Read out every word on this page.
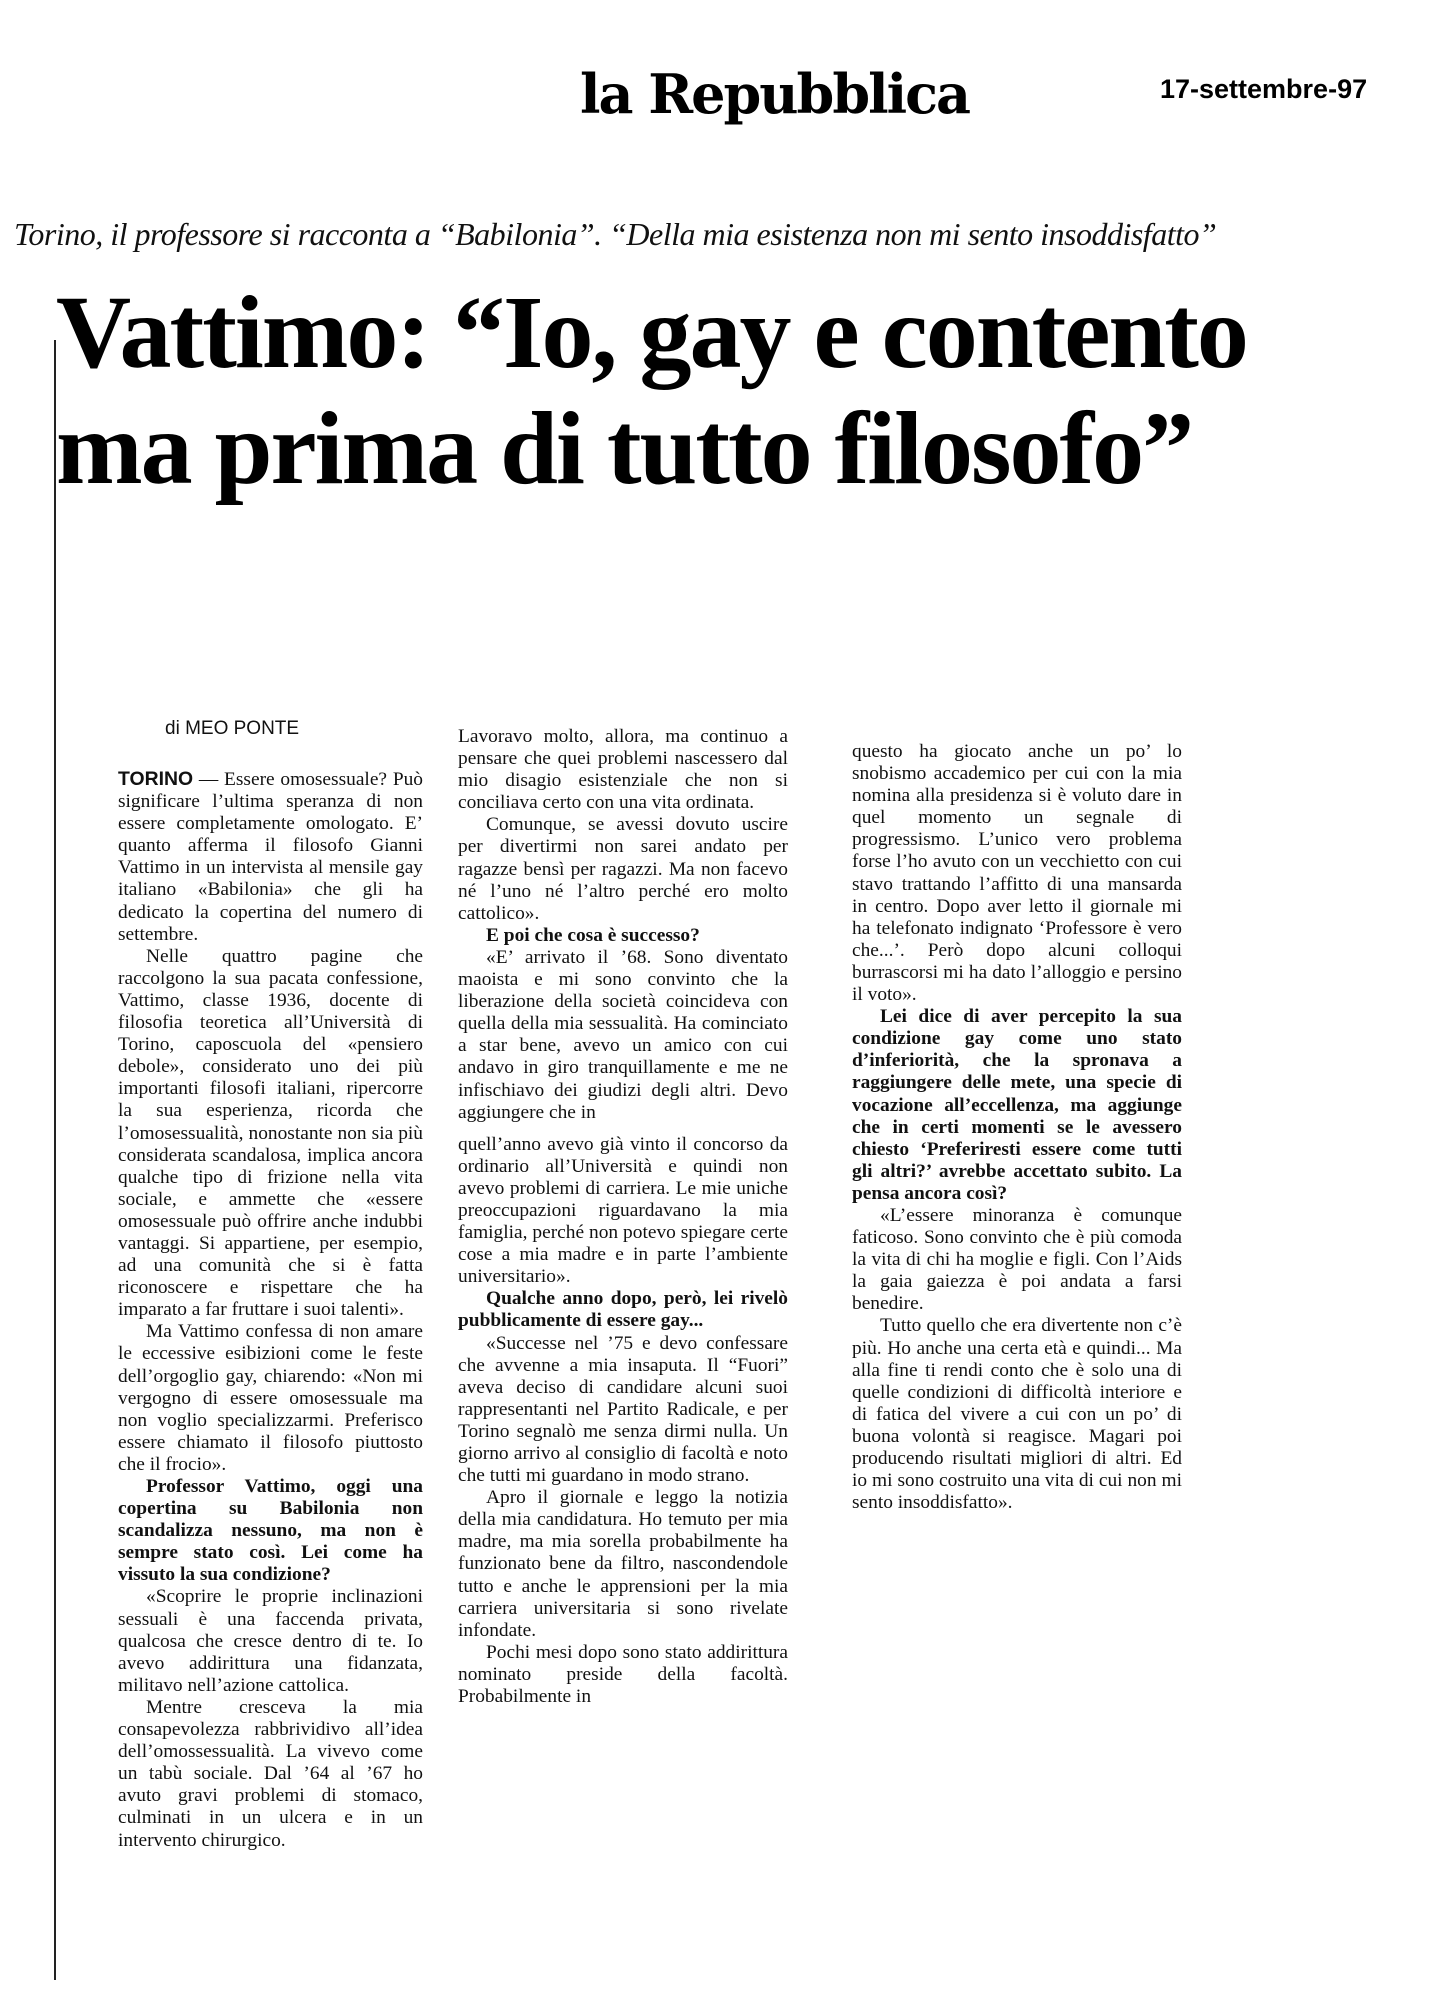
la Repubblica	17-settembre-97
Torino, il professore si racconta a “Babilonia”. “Della mia esistenza non mi sento insoddisfatto”
Vattimo: “Io, gay e contento
ma prima di tutto filosofo”
di MEO PONTE

TORINO — Essere omosessuale? Può significare l’ultima speranza di non essere completamente omologato. E’ quanto afferma il filosofo Gianni Vattimo in un intervista al mensile gay italiano «Babilonia» che gli ha dedicato la copertina del numero di settembre.

Nelle quattro pagine che raccolgono la sua pacata confessione, Vattimo, classe 1936, docente di filosofia teoretica all’Università di Torino, caposcuola del «pensiero debole», considerato uno dei più importanti filosofi italiani, ripercorre la sua esperienza, ricorda che l’omosessualità, nonostante non sia più considerata scandalosa, implica ancora qualche tipo di frizione nella vita sociale, e ammette che «essere omosessuale può offrire anche indubbi vantaggi. Si appartiene, per esempio, ad una comunità che si è fatta riconoscere e rispettare che ha imparato a far fruttare i suoi talenti».

Ma Vattimo confessa di non amare le eccessive esibizioni come le feste dell’orgoglio gay, chiarendo: «Non mi vergogno di essere omosessuale ma non voglio specializzarmi. Preferisco essere chiamato il filosofo piuttosto che il frocio».

Professor Vattimo, oggi una copertina su Babilonia non scandalizza nessuno, ma non è sempre stato così. Lei come ha vissuto la sua condizione?

«Scoprire le proprie inclinazioni sessuali è una faccenda privata, qualcosa che cresce dentro di te. Io avevo addirittura una fidanzata, militavo nell’azione cattolica.

Mentre cresceva la mia consapevolezza rabbrividivo all’idea dell’omossessualità. La vivevo come un tabù sociale. Dal ’64 al ’67 ho avuto gravi problemi di stomaco, culminati in un ulcera e in un intervento chirurgico.

Lavoravo molto, allora, ma continuo a pensare che quei problemi nascessero dal mio disagio esistenziale che non si conciliava certo con una vita ordinata.

Comunque, se avessi dovuto uscire per divertirmi non sarei andato per ragazze bensì per ragazzi. Ma non facevo né l’uno né l’altro perché ero molto cattolico».

E poi che cosa è successo?

«E’ arrivato il ’68. Sono diventato maoista e mi sono convinto che la liberazione della società coincideva con quella della mia sessualità. Ha cominciato a star bene, avevo un amico con cui andavo in giro tranquillamente e me ne infischiavo dei giudizi degli altri. Devo aggiungere che in

quell’anno avevo già vinto il concorso da ordinario all’Università e quindi non avevo problemi di carriera. Le mie uniche preoccupazioni riguardavano la mia famiglia, perché non potevo spiegare certe cose a mia madre e in parte l’ambiente universitario».

Qualche anno dopo, però, lei rivelò pubblicamente di essere gay...

«Successe nel ’75 e devo confessare che avvenne a mia insaputa. Il “Fuori” aveva deciso di candidare alcuni suoi rappresentanti nel Partito Radicale, e per Torino segnalò me senza dirmi nulla. Un giorno arrivo al consiglio di facoltà e noto che tutti mi guardano in modo strano.

Apro il giornale e leggo la notizia della mia candidatura. Ho temuto per mia madre, ma mia sorella probabilmente ha funzionato bene da filtro, nascondendole tutto e anche le apprensioni per la mia carriera universitaria si sono rivelate infondate.

Pochi mesi dopo sono stato addirittura nominato preside della facoltà. Probabilmente in

questo ha giocato anche un po’ lo snobismo accademico per cui con la mia nomina alla presidenza si è voluto dare in quel momento un segnale di progressismo. L’unico vero problema forse l’ho avuto con un vecchietto con cui stavo trattando l’affitto di una mansarda in centro. Dopo aver letto il giornale mi ha telefonato indignato ‘Professore è vero che...’. Però dopo alcuni colloqui burrascorsi mi ha dato l’alloggio e persino il voto».

Lei dice di aver percepito la sua condizione gay come uno stato d’inferiorità, che la spronava a raggiungere delle mete, una specie di vocazione all’eccellenza, ma aggiunge che in certi momenti se le avessero chiesto ‘Preferiresti essere come tutti gli altri?’ avrebbe accettato subito. La pensa ancora così?

«L’essere minoranza è comunque faticoso. Sono convinto che è più comoda la vita di chi ha moglie e figli. Con l’Aids la gaia gaiezza è poi andata a farsi benedire.

Tutto quello che era divertente non c’è più. Ho anche una certa età e quindi... Ma alla fine ti rendi conto che è solo una di quelle condizioni di difficoltà interiore e di fatica del vivere a cui con un po’ di buona volontà si reagisce. Magari poi producendo risultati migliori di altri. Ed io mi sono costruito una vita di cui non mi sento insoddisfatto».
